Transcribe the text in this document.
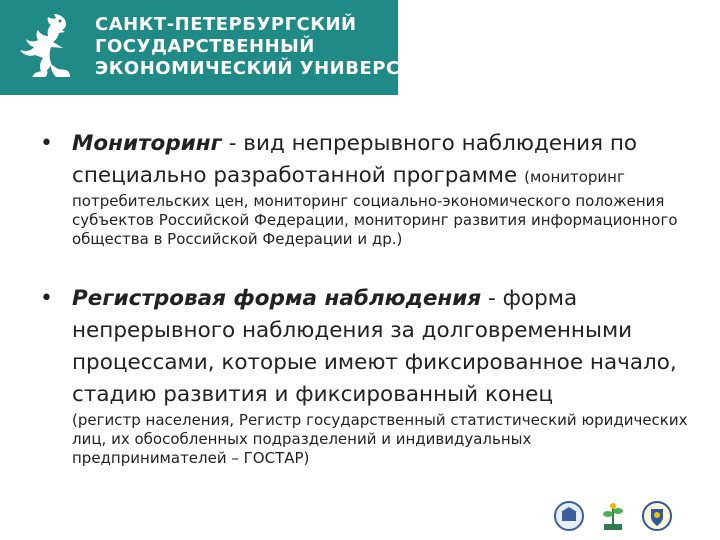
САНКТ-ПЕТЕРБУРГСКИЙ
ГОСУДАРСТВЕННЫЙ
ЭКОНОМИЧЕСКИЙ УНИВЕРСИТЕТ
• Мониторинг - вид непрерывного наблюдения по специально разработанной программе (мониторинг
потребительских цен, мониторинг социально-экономического положения субъектов Российской Федерации, мониторинг развития информационного общества в Российской Федерации и др.)
• Регистровая форма наблюдения - форма непрерывного наблюдения за долговременными процессами, которые имеют фиксированное начало, стадию развития и фиксированный конец
(регистр населения, Регистр государственный статистический юридических лиц, их обособленных подразделений и индивидуальных предпринимателей – ГОСТАР)
